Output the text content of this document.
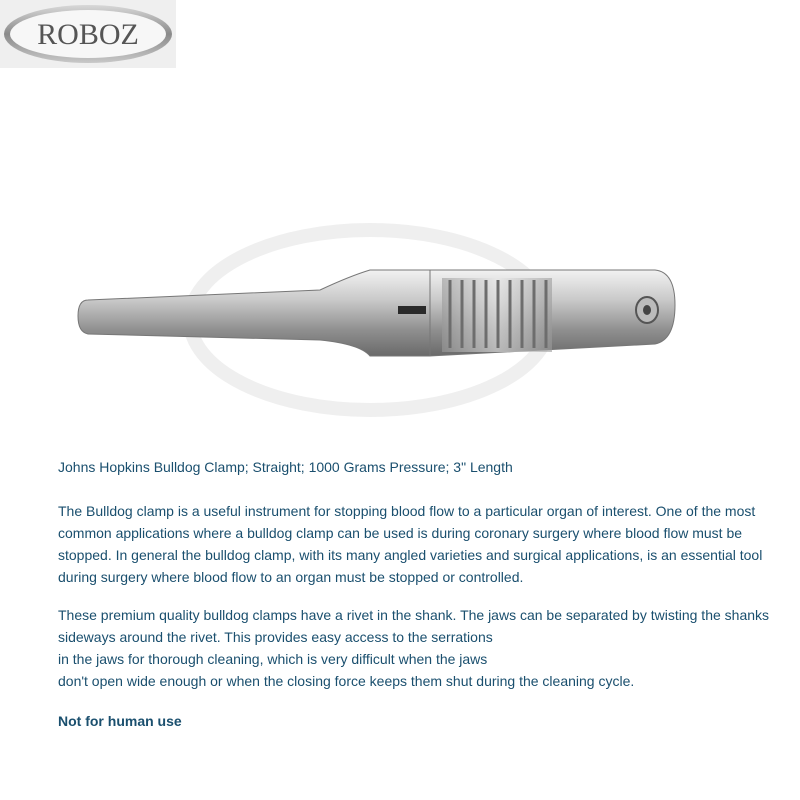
ROBOZ

Johns Hopkins Bulldog Clamp; Straight; 1000 Grams Pressure; 3" Length

The Bulldog clamp is a useful instrument for stopping blood flow to a particular organ of interest. One of the most common applications where a bulldog clamp can be used is during coronary surgery where blood flow must be stopped. In general the bulldog clamp, with its many angled varieties and surgical applications, is an essential tool during surgery where blood flow to an organ must be stopped or controlled.

These premium quality bulldog clamps have a rivet in the shank. The jaws can be separated by twisting the shanks
sideways around the rivet. This provides easy access to the serrations
in the jaws for thorough cleaning, which is very difficult when the jaws
don't open wide enough or when the closing force keeps them shut during the cleaning cycle.

Not for human use
